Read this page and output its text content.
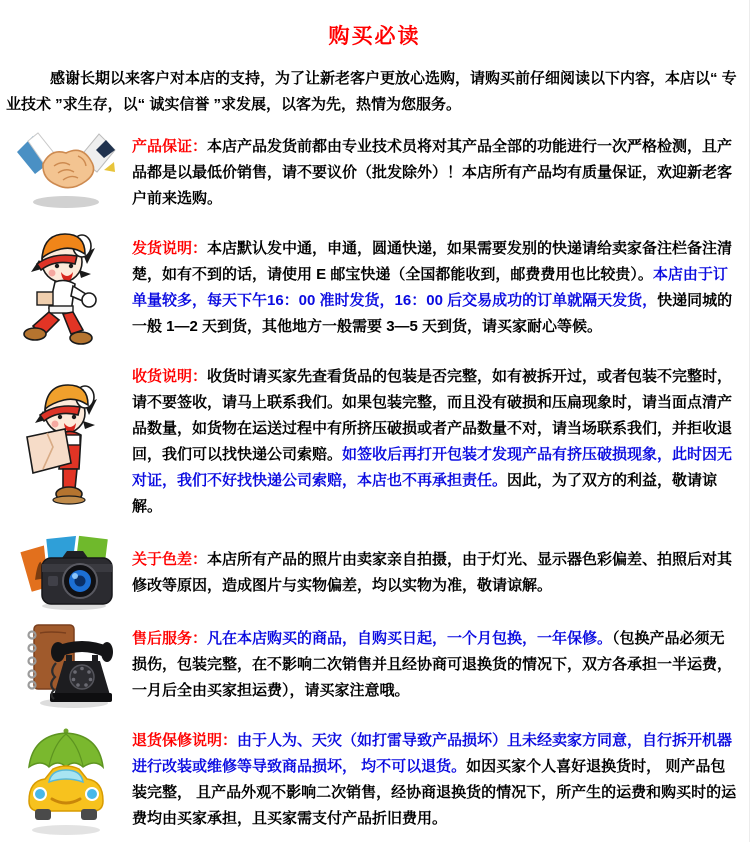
购买必读

感谢长期以来客户对本店的支持，为了让新老客户更放心选购，请购买前仔细阅读以下内容，本店以“ 专业技术 ”求生存，以“ 诚实信誉 ”求发展，以客为先，热情为您服务。

产品保证：本店产品发货前都由专业技术员将对其产品全部的功能进行一次严格检测，且产品都是以最低价销售，请不要议价（批发除外）！本店所有产品均有质量保证，欢迎新老客户前来选购。

发货说明：本店默认发中通，申通，圆通快递，如果需要发别的快递请给卖家备注栏备注清楚，如有不到的话，请使用 E 邮宝快递（全国都能收到，邮费费用也比较贵）。本店由于订单量较多，每天下午16：00 准时发货，16：00 后交易成功的订单就隔天发货，快递同城的一般 1—2 天到货，其他地方一般需要 3—5 天到货，请买家耐心等候。

收货说明：收货时请买家先查看货品的包装是否完整，如有被拆开过，或者包装不完整时，请不要签收，请马上联系我们。如果包装完整，而且没有破损和压扁现象时，请当面点清产品数量，如货物在运送过程中有所挤压破损或者产品数量不对，请当场联系我们，并拒收退回，我们可以找快递公司索赔。如签收后再打开包装才发现产品有挤压破损现象，此时因无对证，我们不好找快递公司索赔，本店也不再承担责任。因此，为了双方的利益，敬请谅解。

关于色差：本店所有产品的照片由卖家亲自拍摄，由于灯光、显示器色彩偏差、拍照后对其修改等原因，造成图片与实物偏差，均以实物为准，敬请谅解。

售后服务：凡在本店购买的商品，自购买日起，一个月包换，一年保修。（包换产品必须无损伤，包装完整，在不影响二次销售并且经协商可退换货的情况下，双方各承担一半运费，一月后全由买家担运费），请买家注意哦。

退货保修说明：由于人为、天灾（如打雷导致产品损坏）且未经卖家方同意，自行拆开机器进行改装或维修等导致商品损坏， 均不可以退货。如因买家个人喜好退换货时， 则产品包装完整， 且产品外观不影响二次销售，经协商退换货的情况下，所产生的运费和购买时的运费均由买家承担，且买家需支付产品折旧费用。
